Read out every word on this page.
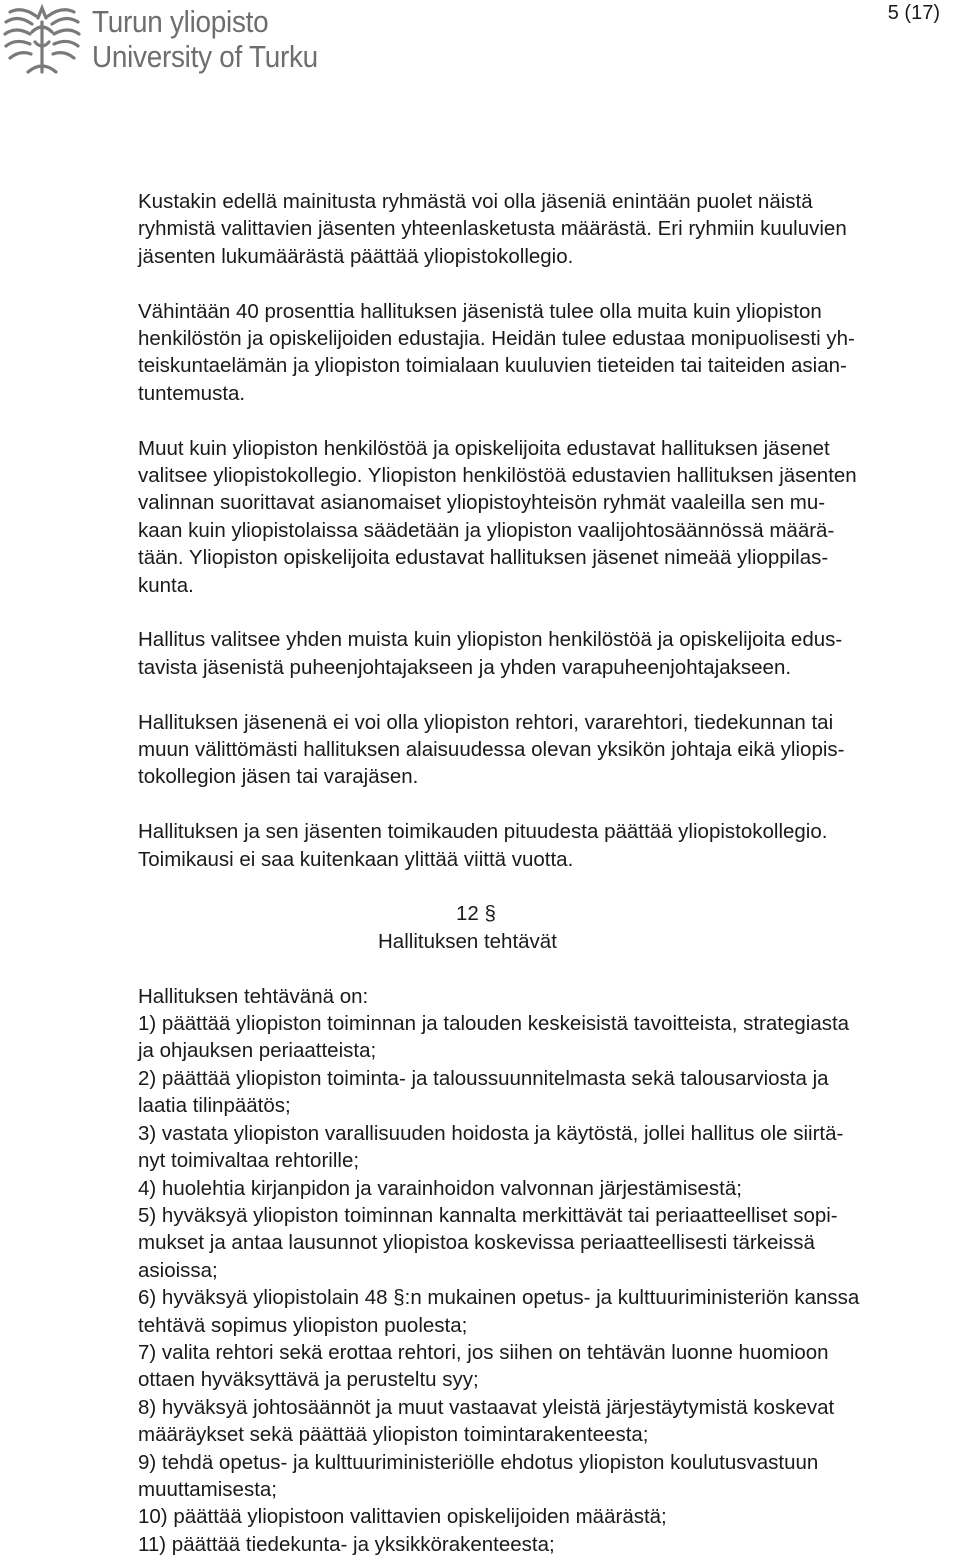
Turun yliopisto
University of Turku
5 (17)

Kustakin edellä mainitusta ryhmästä voi olla jäseniä enintään puolet näistä
ryhmistä valittavien jäsenten yhteenlasketusta määrästä. Eri ryhmiin kuuluvien
jäsenten lukumäärästä päättää yliopistokollegio.

Vähintään 40 prosenttia hallituksen jäsenistä tulee olla muita kuin yliopiston
henkilöstön ja opiskelijoiden edustajia. Heidän tulee edustaa monipuolisesti yh-
teiskuntaelämän ja yliopiston toimialaan kuuluvien tieteiden tai taiteiden asian-
tuntemusta.

Muut kuin yliopiston henkilöstöä ja opiskelijoita edustavat hallituksen jäsenet
valitsee yliopistokollegio. Yliopiston henkilöstöä edustavien hallituksen jäsenten
valinnan suorittavat asianomaiset yliopistoyhteisön ryhmät vaaleilla sen mu-
kaan kuin yliopistolaissa säädetään ja yliopiston vaalijohtosäännössä määrä-
tään. Yliopiston opiskelijoita edustavat hallituksen jäsenet nimeää ylioppilas-
kunta.

Hallitus valitsee yhden muista kuin yliopiston henkilöstöä ja opiskelijoita edus-
tavista jäsenistä puheenjohtajakseen ja yhden varapuheenjohtajakseen.

Hallituksen jäsenenä ei voi olla yliopiston rehtori, vararehtori, tiedekunnan tai
muun välittömästi hallituksen alaisuudessa olevan yksikön johtaja eikä yliopis-
tokollegion jäsen tai varajäsen.

Hallituksen ja sen jäsenten toimikauden pituudesta päättää yliopistokollegio.
Toimikausi ei saa kuitenkaan ylittää viittä vuotta.

12 §
Hallituksen tehtävät
Hallituksen tehtävänä on:
1) päättää yliopiston toiminnan ja talouden keskeisistä tavoitteista, strategiasta
ja ohjauksen periaatteista;
2) päättää yliopiston toiminta- ja taloussuunnitelmasta sekä talousarviosta ja
laatia tilinpäätös;
3) vastata yliopiston varallisuuden hoidosta ja käytöstä, jollei hallitus ole siirtä-
nyt toimivaltaa rehtorille;
4) huolehtia kirjanpidon ja varainhoidon valvonnan järjestämisestä;
5) hyväksyä yliopiston toiminnan kannalta merkittävät tai periaatteelliset sopi-
mukset ja antaa lausunnot yliopistoa koskevissa periaatteellisesti tärkeissä
asioissa;
6) hyväksyä yliopistolain 48 §:n mukainen opetus- ja kulttuuriministeriön kanssa
tehtävä sopimus yliopiston puolesta;
7) valita rehtori sekä erottaa rehtori, jos siihen on tehtävän luonne huomioon
ottaen hyväksyttävä ja perusteltu syy;
8) hyväksyä johtosäännöt ja muut vastaavat yleistä järjestäytymistä koskevat
määräykset sekä päättää yliopiston toimintarakenteesta;
9) tehdä opetus- ja kulttuuriministeriölle ehdotus yliopiston koulutusvastuun
muuttamisesta;
10) päättää yliopistoon valittavien opiskelijoiden määrästä;
11) päättää tiedekunta- ja yksikkörakenteesta;
